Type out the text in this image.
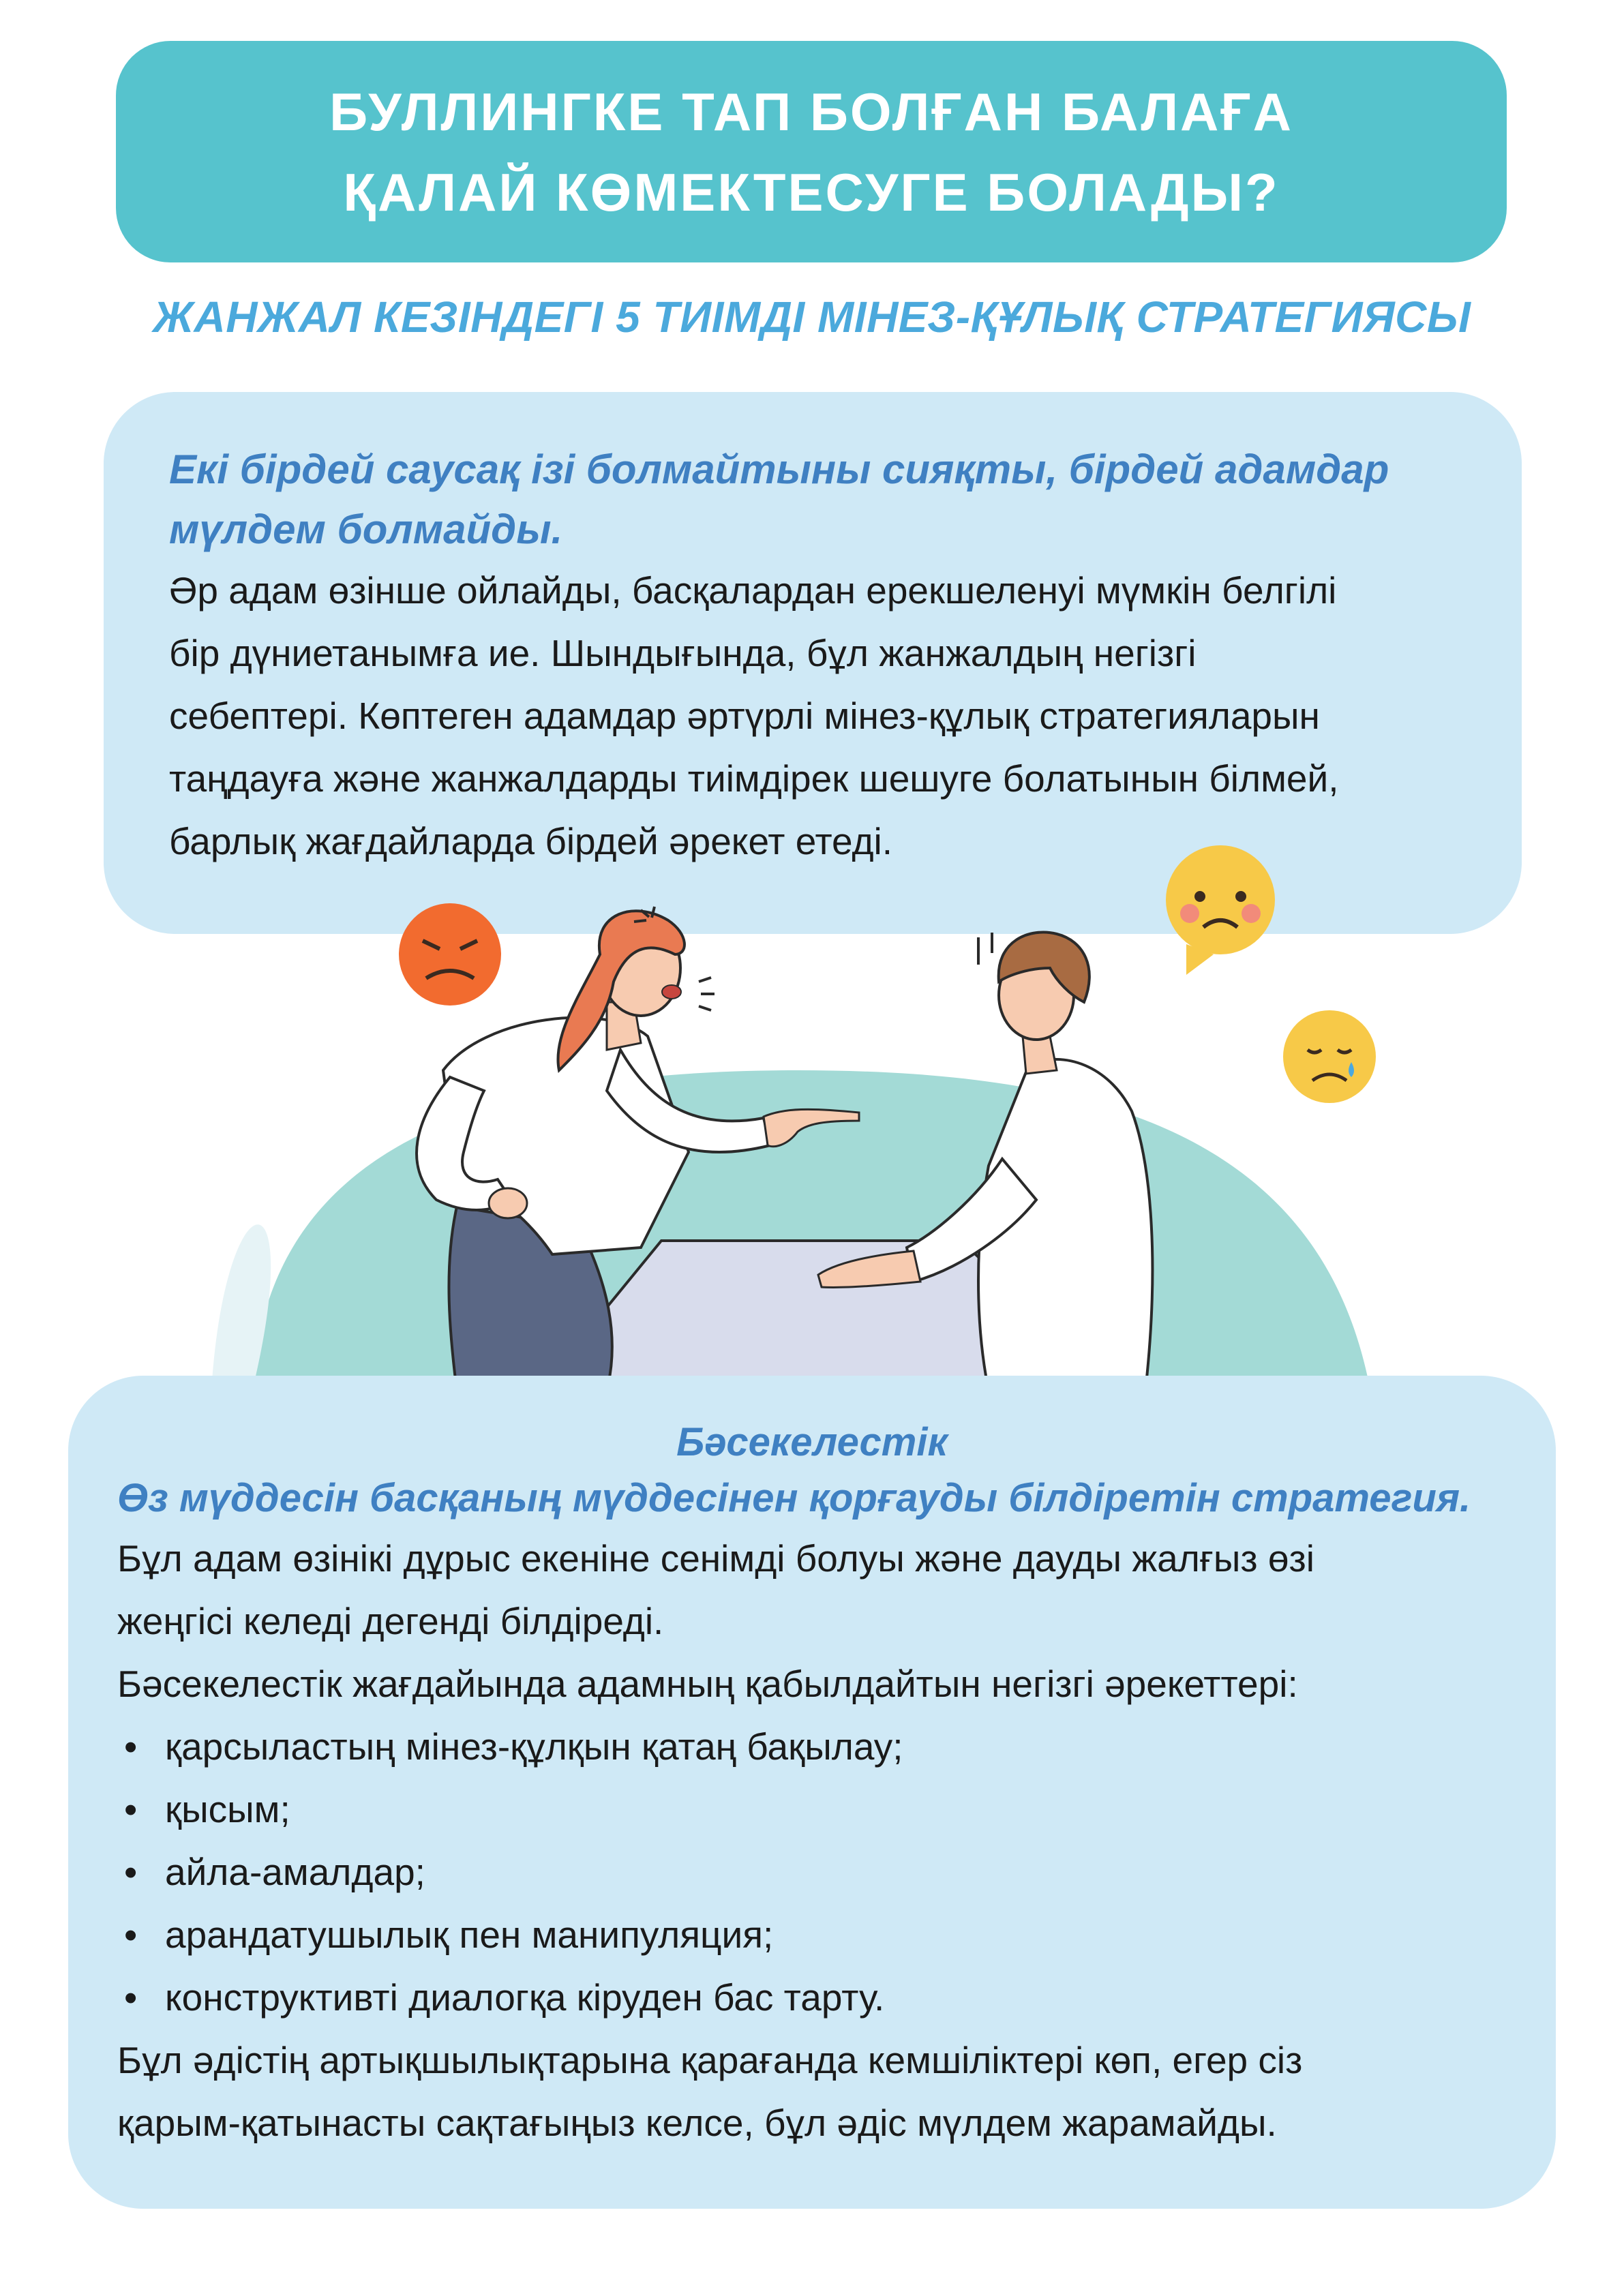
БУЛЛИНГКЕ ТАП БОЛҒАН БАЛАҒА
ҚАЛАЙ КӨМЕКТЕСУГЕ БОЛАДЫ?
ЖАНЖАЛ КЕЗІНДЕГІ 5 ТИІМДІ МІНЕЗ-ҚҰЛЫҚ СТРАТЕГИЯСЫ
Екі бірдей саусақ ізі болмайтыны сияқты, бірдей адамдар
мүлдем болмайды.
Әр адам өзінше ойлайды, басқалардан ерекшеленуі мүмкін белгілі
бір дүниетанымға ие. Шындығында, бұл жанжалдың негізгі
себептері. Көптеген адамдар әртүрлі мінез-құлық стратегияларын
таңдауға және жанжалдарды тиімдірек шешуге болатынын білмей,
барлық жағдайларда бірдей әрекет етеді.
Бәсекелестік
Өз мүддесін басқаның мүддесінен қорғауды білдіретін стратегия.

Бұл адам өзінікі дұрыс екеніне сенімді болуы және дауды жалғыз өзі

жеңгісі келеді дегенді білдіреді.

Бәсекелестік жағдайында адамның қабылдайтын негізгі әрекеттері:

• қарсыластың мінез-құлқын қатаң бақылау;
• қысым;
• айла-амалдар;
• арандатушылық пен манипуляция;
• конструктивті диалогқа кіруден бас тарту.

Бұл әдістің артықшылықтарына қарағанда кемшіліктері көп, егер сіз

қарым-қатынасты сақтағыңыз келсе, бұл әдіс мүлдем жарамайды.
